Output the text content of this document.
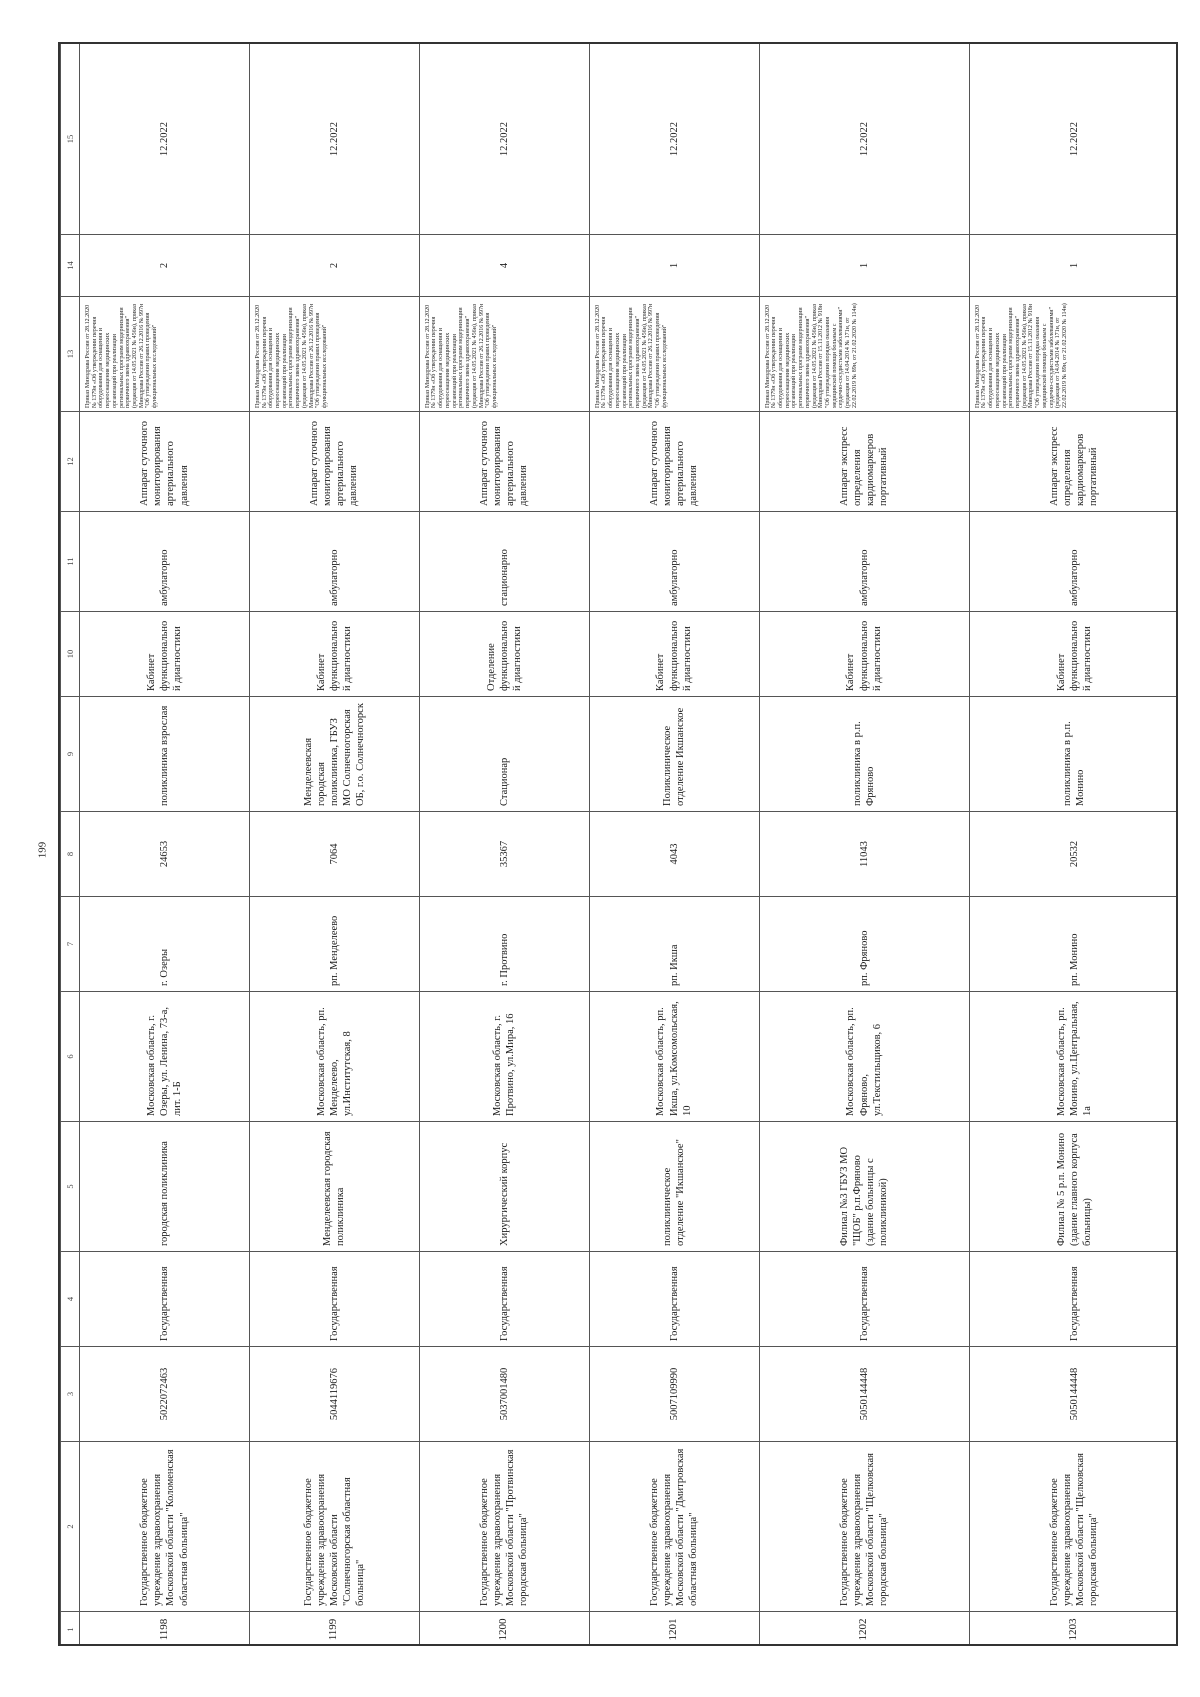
199
1	2	3	4	5	6	7	8	9	10	11	12	13	14	15
1198	Государственное бюджетное учреждение здравоохранения Московской области "Коломенская областная больница"	5022072463	Государственная	городская поликлиника	Московская область, г. Озеры, ул. Ленина, 73-а, лит. 1-Б	г. Озеры	24653	поликлиника взрослая	Кабинет функциональной диагностики	амбулаторно	Аппарат суточного мониторирования артериального давления	Приказ Минздрава России от 28.12.2020 № 1379н «Об утверждении перечня оборудования для оснащения и переоснащения медицинских организаций при реализации региональных программ модернизации первичного звена здравоохранения"(редакция от 14.05.2021 № 456н), приказ Минздрава России от 26.12.2016 № 997н "Об утверждении правил проведения функциональных исследований"	2	12.2022
1199	Государственное бюджетное учреждение здравоохранения Московской области "Солнечногорская областная больница"	5044119676	Государственная	Менделеевская городская поликлиника	Московская область, рп. Менделеево, ул.Институтская, 8	рп. Менделеево	7064	Менделеевская городская поликлиника, ГБУЗ МО Солнечногорская ОБ, г.о. Солнечногорск	Кабинет функциональной диагностики	амбулаторно	Аппарат суточного мониторирования артериального давления	Приказ Минздрава России от 28.12.2020 № 1379н «Об утверждении перечня оборудования для оснащения и переоснащения медицинских организаций при реализации региональных программ модернизации первичного звена здравоохранения"(редакция от 14.05.2021 № 456н), приказ Минздрава России от 26.12.2016 № 997н "Об утверждении правил проведения функциональных исследований"	2	12.2022
1200	Государственное бюджетное учреждение здравоохранения Московской области "Протвинская городская больница"	5037001480	Государственная	Хирургический корпус	Московская область, г. Протвино, ул.Мира, 16	г. Протвино	35367	Стационар	Отделение функциональной диагностики	стационарно	Аппарат суточного мониторирования артериального давления	Приказ Минздрава России от 28.12.2020 № 1379н «Об утверждении перечня оборудования для оснащения и переоснащения медицинских организаций при реализации региональных программ модернизации первичного звена здравоохранения"(редакция от 14.05.2021 № 456н), приказ Минздрава России от 26.12.2016 № 997н "Об утверждении правил проведения функциональных исследований"	4	12.2022
1201	Государственное бюджетное учреждение здравоохранения Московской области "Дмитровская областная больница"	5007109990	Государственная	поликлиническое отделение "Икшанское"	Московская область, рп. Икша, ул.Комсомольская, 10	рп. Икша	4043	Поликлиническое отделение Икшанское	Кабинет функциональной диагностики	амбулаторно	Аппарат суточного мониторирования артериального давления	Приказ Минздрава России от 28.12.2020 № 1379н «Об утверждении перечня оборудования для оснащения и переоснащения медицинских организаций при реализации региональных программ модернизации первичного звена здравоохранения"(редакция от 14.05.2021 № 456н), приказ Минздрава России от 26.12.2016 № 997н "Об утверждении правил проведения функциональных исследований"	1	12.2022
1202	Государственное бюджетное учреждение здравоохранения Московской области "Щелковская городская больница"	5050144448	Государственная	Филиал №3 ГБУЗ МО "ЩОБ" р.п.Фряново (здание больницы с поликлиникой)	Московская область, рп. Фряново, ул.Текстильщиков, 6	рп. Фряново	11043	поликлиника в р.п. Фряново	Кабинет функциональной диагностики	амбулаторно	Аппарат экспресс определения кардиомаркеров портативный	Приказ Минздрава России от 28.12.2020 № 1379н «Об утверждении перечня оборудования для оснащения и переоснащения медицинских организаций при реализации региональных программ модернизации первичного звена здравоохранения"(редакция от 14.05.2021 № 456н), приказ Минздрава России от 15.11.2012 № 918н "Об утверждении порядка оказания медицинской помощи больным с сердечно-сосудистыми заболеваниями" (редакция от 14.04.2014 № 171н, от 22.02.2019 № 89н, от 21.02.2020 № 114н)	1	12.2022
1203	Государственное бюджетное учреждение здравоохранения Московской области "Щелковская городская больница"	5050144448	Государственная	Филиал № 5 р.п. Монино (здание главного корпуса больницы)	Московская область, рп. Монино, ул.Центральная, 1а	рп. Монино	20532	поликлиника в р.п. Монино	Кабинет функциональной диагностики	амбулаторно	Аппарат экспресс определения кардиомаркеров портативный	Приказ Минздрава России от 28.12.2020 № 1379н «Об утверждении перечня оборудования для оснащения и переоснащения медицинских организаций при реализации региональных программ модернизации первичного звена здравоохранения"(редакция от 14.05.2021 № 456н), приказ Минздрава России от 15.11.2012 № 918н "Об утверждении порядка оказания медицинской помощи больным с сердечно-сосудистыми заболеваниями" (редакция от 14.04.2014 № 171н, от 22.02.2019 № 89н, от 21.02.2020 № 114н)	1	12.2022
